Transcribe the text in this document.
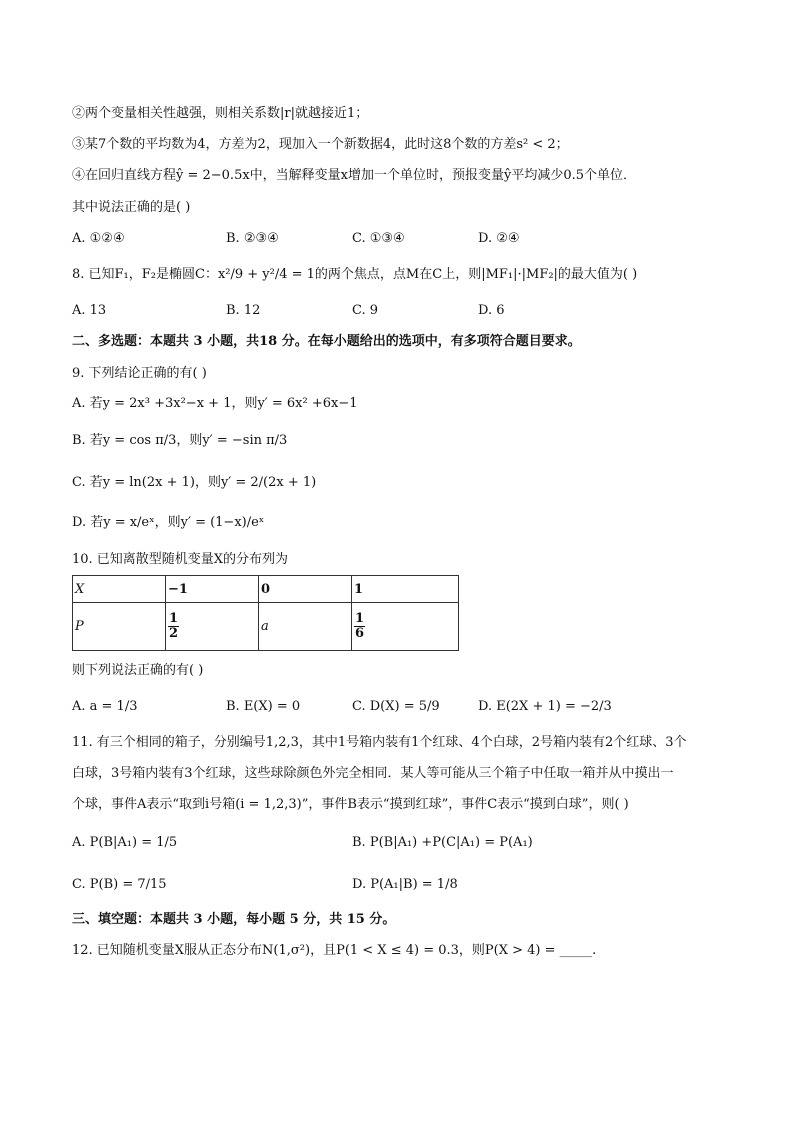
②两个变量相关性越强，则相关系数|r|就越接近1；
③某7个数的平均数为4，方差为2，现加入一个新数据4，此时这8个数的方差s² < 2；
④在回归直线方程ŷ = 2−0.5x中，当解释变量x增加一个单位时，预报变量ŷ平均减少0.5个单位．
其中说法正确的是( )
A. ①②④	B. ②③④	C. ①③④	D. ②④
8. 已知F₁，F₂是椭圆C：x²/9 + y²/4 = 1的两个焦点，点M在C上，则|MF₁|·|MF₂|的最大值为( )
A. 13	B. 12	C. 9	D. 6
二、多选题：本题共 3 小题，共18 分。在每小题给出的选项中，有多项符合题目要求。
9. 下列结论正确的有( )
A. 若y = 2x³ +3x²−x + 1，则y′ = 6x² +6x−1
B. 若y = cos π/3，则y′ = −sin π/3
C. 若y = ln(2x + 1)，则y′ = 2/(2x + 1)
D. 若y = x/eˣ，则y′ = (1−x)/eˣ
10. 已知离散型随机变量X的分布列为
X	−1	0	1
P	$\frac{1}{2}$	a	$\frac{1}{6}$
则下列说法正确的有( )
A. a = 1/3	B. E(X) = 0	C. D(X) = 5/9	D. E(2X + 1) = −2/3
11. 有三个相同的箱子，分别编号1,2,3，其中1号箱内装有1个红球、4个白球，2号箱内装有2个红球、3个
白球，3号箱内装有3个红球，这些球除颜色外完全相同．某人等可能从三个箱子中任取一箱并从中摸出一
个球，事件A表示“取到i号箱(i = 1,2,3)”，事件B表示“摸到红球”，事件C表示“摸到白球”，则( )
A. P(B|A₁) = 1/5	B. P(B|A₁) +P(C|A₁) = P(A₁)
C. P(B) = 7/15	D. P(A₁|B) = 1/8
三、填空题：本题共 3 小题，每小题 5 分，共 15 分。
12. 已知随机变量X服从正态分布N(1,σ²)，且P(1 < X ≤ 4) = 0.3，则P(X > 4) = _____.
